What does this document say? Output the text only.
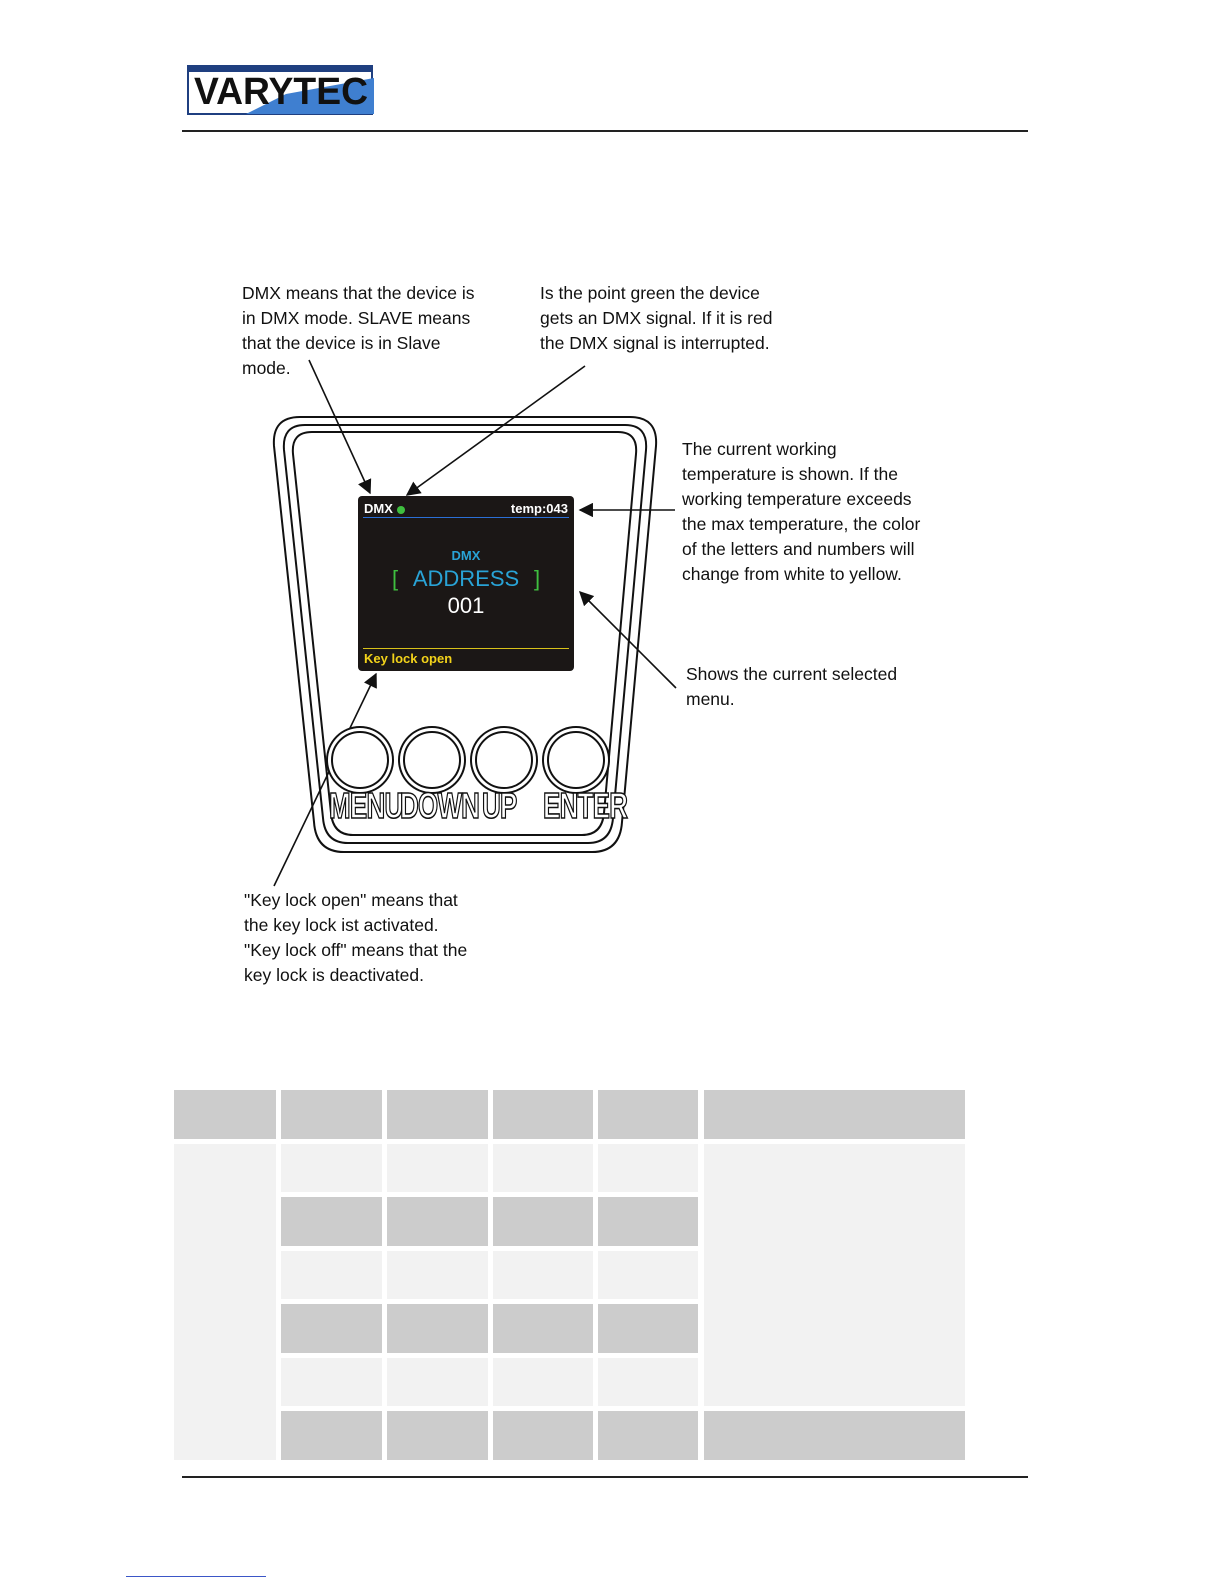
VARYTEC
DMX	temp:043
DMX
[ ADDRESS ]
001
Key lock open
MENU
DOWN UP ENTER
DMX means that the device is
in DMX mode. SLAVE means
that the device is in Slave
mode.
Is the point green the device
gets an DMX signal. If it is red
the DMX signal is interrupted.
The current working
temperature is shown. If the
working temperature exceeds
the max temperature, the color
of the letters and numbers will
change from white to yellow.
Shows the current selected
menu.
"Key lock open" means that
the key lock ist activated.
"Key lock off" means that the
key lock is deactivated.
